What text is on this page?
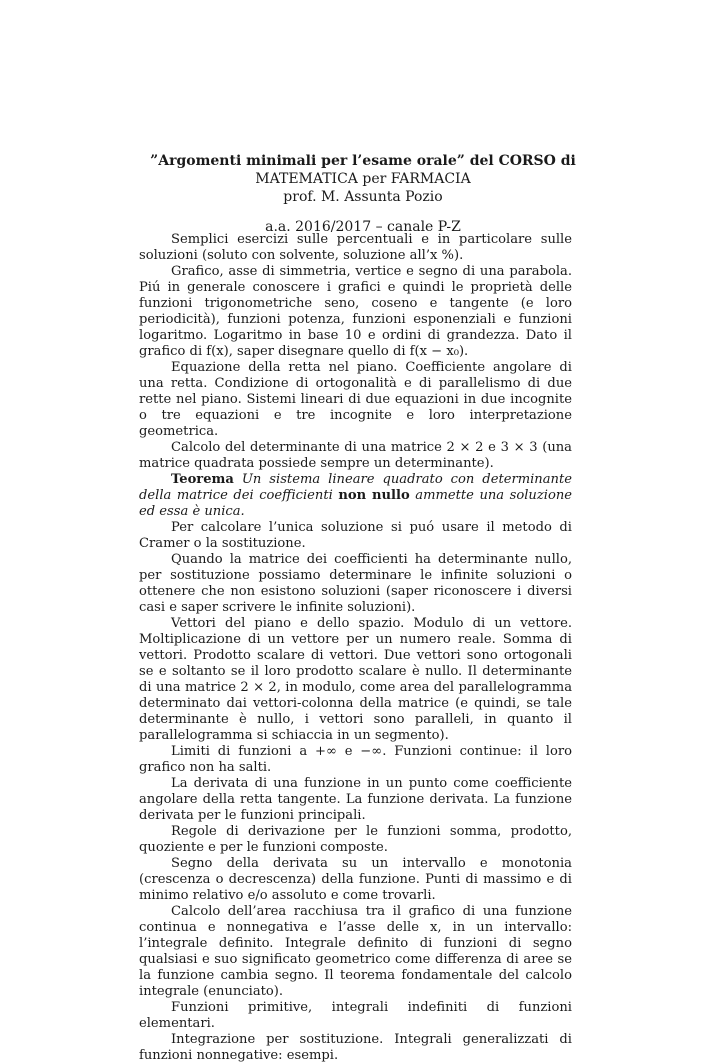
”Argomenti minimali per l’esame orale” del CORSO di
MATEMATICA per FARMACIA
prof. M. Assunta Pozio
a.a. 2016/2017 – canale P-Z

Semplici esercizi sulle percentuali e in particolare sulle soluzioni (soluto con solvente, soluzione all’x %).

Grafico, asse di simmetria, vertice e segno di una parabola. Piú in generale conoscere i grafici e quindi le proprietà delle funzioni trigonometriche seno, coseno e tangente (e loro periodicità), funzioni potenza, funzioni esponenziali e funzioni logaritmo. Logaritmo in base 10 e ordini di grandezza. Dato il grafico di f(x), saper disegnare quello di f(x − x₀).

Equazione della retta nel piano. Coefficiente angolare di una retta. Condizione di ortogonalità e di parallelismo di due rette nel piano. Sistemi lineari di due equazioni in due incognite o tre equazioni e tre incognite e loro interpretazione geometrica.

Calcolo del determinante di una matrice 2 × 2 e 3 × 3 (una matrice quadrata possiede sempre un determinante).

Teorema Un sistema lineare quadrato con determinante della matrice dei coefficienti non nullo ammette una soluzione ed essa è unica.

Per calcolare l’unica soluzione si puó usare il metodo di Cramer o la sostituzione.

Quando la matrice dei coefficienti ha determinante nullo, per sostituzione possiamo determinare le infinite soluzioni o ottenere che non esistono soluzioni (saper riconoscere i diversi casi e saper scrivere le infinite soluzioni).

Vettori del piano e dello spazio. Modulo di un vettore. Moltiplicazione di un vettore per un numero reale. Somma di vettori. Prodotto scalare di vettori. Due vettori sono ortogonali se e soltanto se il loro prodotto scalare è nullo. Il determinante di una matrice 2 × 2, in modulo, come area del parallelogramma determinato dai vettori-colonna della matrice (e quindi, se tale determinante è nullo, i vettori sono paralleli, in quanto il parallelogramma si schiaccia in un segmento).

Limiti di funzioni a +∞ e −∞. Funzioni continue: il loro grafico non ha salti.

La derivata di una funzione in un punto come coefficiente angolare della retta tangente. La funzione derivata. La funzione derivata per le funzioni principali.

Regole di derivazione per le funzioni somma, prodotto, quoziente e per le funzioni composte.

Segno della derivata su un intervallo e monotonia (crescenza o decrescenza) della funzione. Punti di massimo e di minimo relativo e/o assoluto e come trovarli.

Calcolo dell’area racchiusa tra il grafico di una funzione continua e nonnegativa e l’asse delle x, in un intervallo: l’integrale definito. Integrale definito di funzioni di segno qualsiasi e suo significato geometrico come differenza di aree se la funzione cambia segno. Il teorema fondamentale del calcolo integrale (enunciato).

Funzioni primitive, integrali indefiniti di funzioni elementari.

Integrazione per sostituzione. Integrali generalizzati di funzioni nonnegative: esempi.
